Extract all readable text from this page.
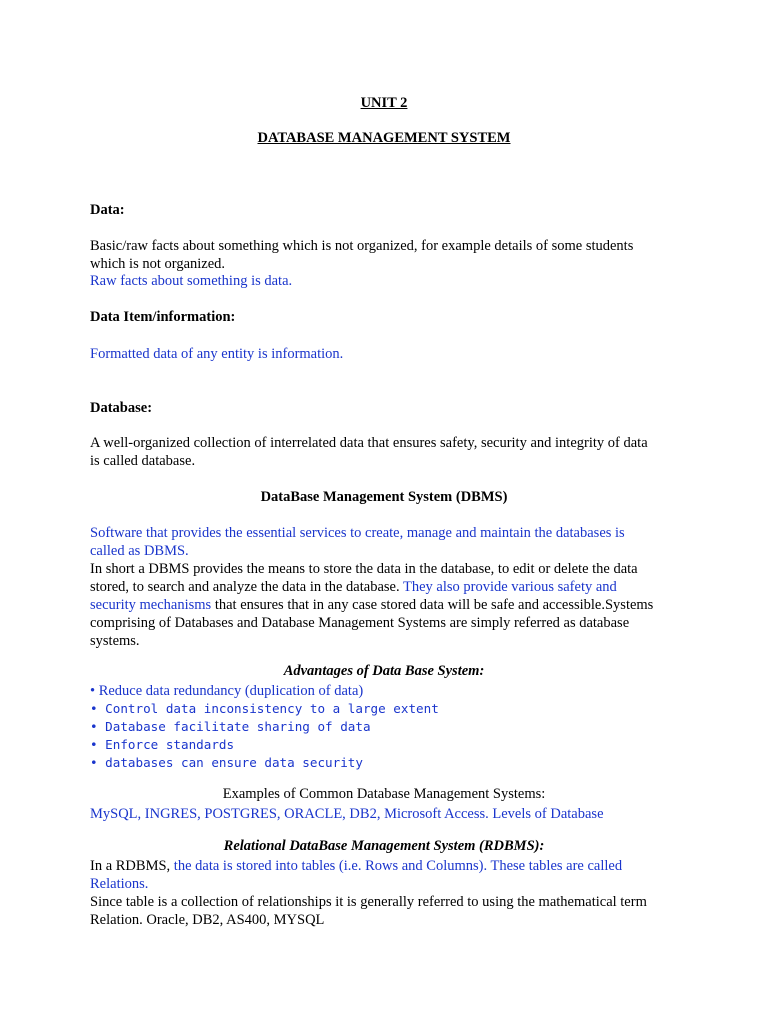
UNIT 2
DATABASE MANAGEMENT SYSTEM
Data:
Basic/raw facts about something which is not organized, for example details of some students
which is not organized.
Raw facts about something is data.
Data Item/information:
Formatted data of any entity is information.
Database:
A well-organized collection of interrelated data that ensures safety, security and integrity of data
is called database.
DataBase Management System (DBMS)
Software that provides the essential services to create, manage and maintain the databases is
called as DBMS.
In short a DBMS provides the means to store the data in the database, to edit or delete the data
stored, to search and analyze the data in the database. They also provide various safety and
security mechanisms that ensures that in any case stored data will be safe and accessible.Systems
comprising of Databases and Database Management Systems are simply referred as database
systems.
Advantages of Data Base System:
• Reduce data redundancy (duplication of data)
• Control data inconsistency to a large extent
• Database facilitate sharing of data
• Enforce standards
• databases can ensure data security
Examples of Common Database Management Systems:
MySQL, INGRES, POSTGRES, ORACLE, DB2, Microsoft Access. Levels of Database
Relational DataBase Management System (RDBMS):
In a RDBMS, the data is stored into tables (i.e. Rows and Columns). These tables are called
Relations.
Since table is a collection of relationships it is generally referred to using the mathematical term
Relation. Oracle, DB2, AS400, MYSQL
